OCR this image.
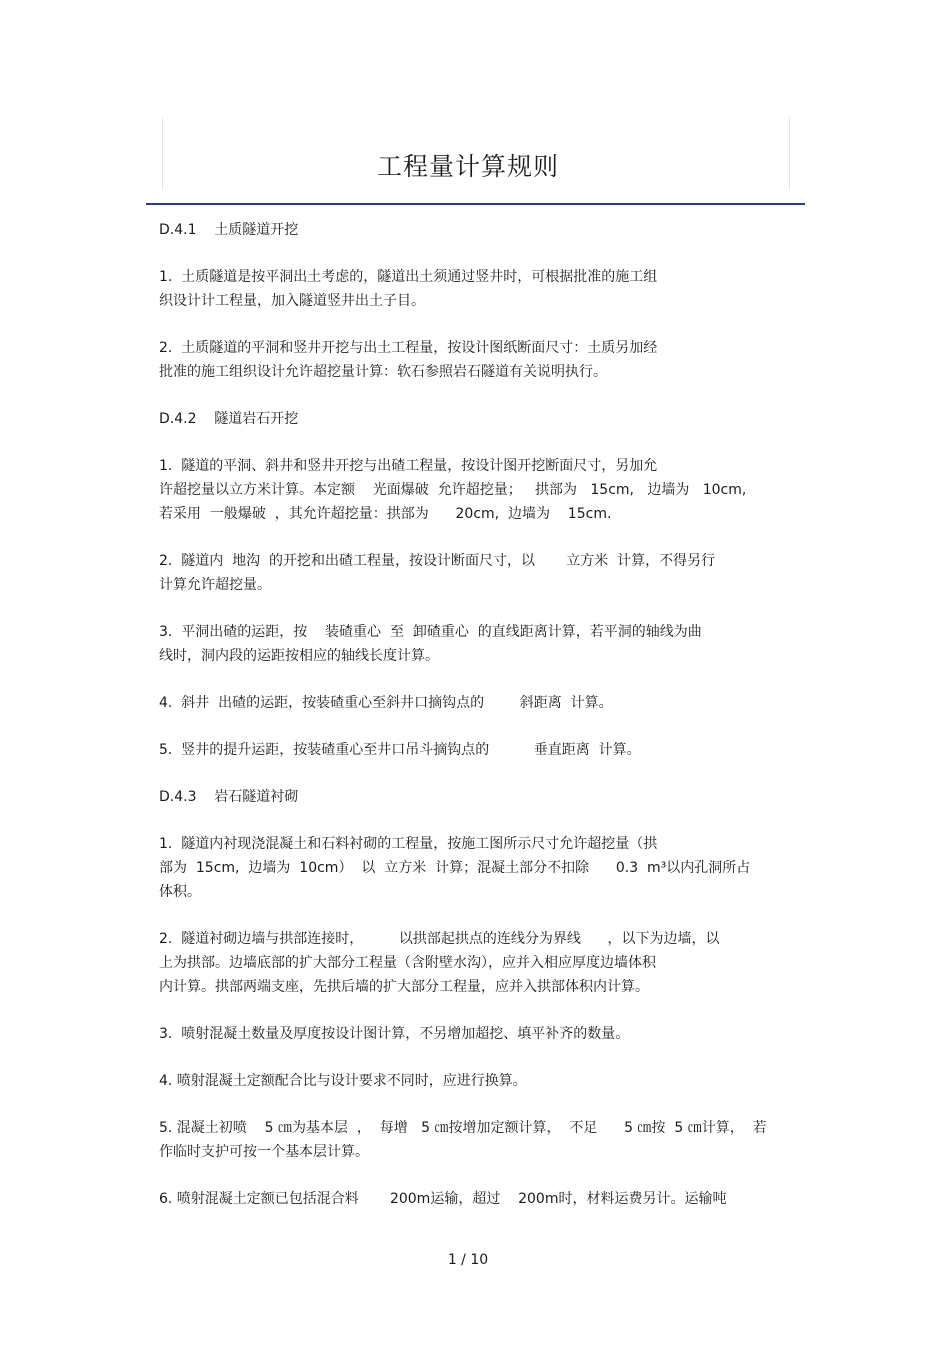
工程量计算规则
D.4.1    土质隧道开挖
1.  土质隧道是按平洞出土考虑的，隧道出土须通过竖井时，可根据批准的施工组
织设计计工程量，加入隧道竖井出土子目。
2.  土质隧道的平洞和竖井开挖与出土工程量，按设计图纸断面尺寸：土质另加经
批准的施工组织设计允许超挖量计算：软石参照岩石隧道有关说明执行。
D.4.2    隧道岩石开挖
1.  隧道的平洞、斜井和竖井开挖与出碴工程量，按设计图开挖断面尺寸，另加允
许超挖量以立方米计算。本定额    光面爆破  允许超挖量；   拱部为   15cm,   边墙为   10cm,
若采用  一般爆破  ，其允许超挖量：拱部为      20cm,  边墙为    15cm.
2.  隧道内  地沟  的开挖和出碴工程量，按设计断面尺寸，以       立方米  计算，不得另行
计算允许超挖量。
3.  平洞出碴的运距，按    装碴重心  至  卸碴重心  的直线距离计算，若平洞的轴线为曲
线时，洞内段的运距按相应的轴线长度计算。
4.  斜井  出碴的运距，按装碴重心至斜井口摘钩点的        斜距离  计算。
5.  竖井的提升运距，按装碴重心至井口吊斗摘钩点的          垂直距离  计算。
D.4.3    岩石隧道衬砌
1.  隧道内衬现浇混凝土和石料衬砌的工程量，按施工图所示尺寸允许超挖量（拱
部为  15cm,  边墙为  10cm）  以  立方米  计算；混凝土部分不扣除      0.3  m³以内孔洞所占
体积。
2.  隧道衬砌边墙与拱部连接时，        以拱部起拱点的连线分为界线      ，以下为边墙，以
上为拱部。边墙底部的扩大部分工程量（含附壁水沟），应并入相应厚度边墙体积
内计算。拱部两端支座，先拱后墙的扩大部分工程量，应并入拱部体积内计算。
3.  喷射混凝土数量及厚度按设计图计算，不另增加超挖、填平补齐的数量。
4. 喷射混凝土定额配合比与设计要求不同时，应进行换算。
5. 混凝土初喷    5 ㎝为基本层  ，  每增   5 ㎝按增加定额计算，  不足      5 ㎝按  5 ㎝计算，  若
作临时支护可按一个基本层计算。
6. 喷射混凝土定额已包括混合料       200m运输，超过    200m时，材料运费另计。运输吨
1 / 10
